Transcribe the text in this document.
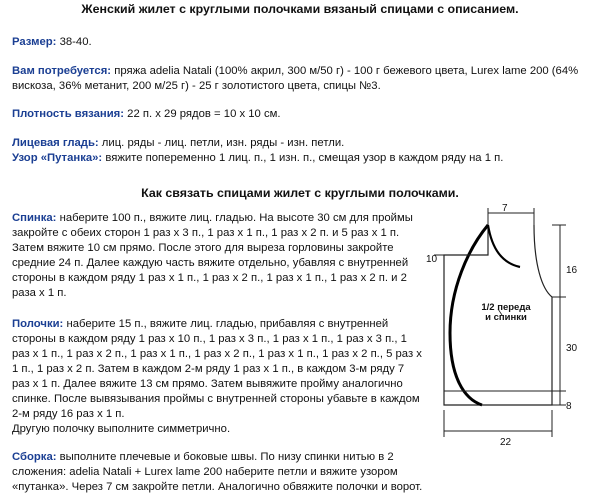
Женский жилет с круглыми полочками вязаный спицами с описанием.
Размер: 38-40.
Вам потребуется: пряжа adelia Natali (100% акрил, 300 м/50 г) - 100 г бежевого цвета, Lurex lame 200 (64% вискоза, 36% метанит, 200 м/25 г) - 25 г золотистого цвета, спицы №3.
Плотность вязания: 22 п. х 29 рядов = 10 х 10 см.
Лицевая гладь: лиц. ряды - лиц. петли, изн. ряды - изн. петли.
Узор «Путанка»: вяжите попеременно 1 лиц. п., 1 изн. п., смещая узор в каждом ряду на 1 п.
Как связать спицами жилет с круглыми полочками.
Спинка: наберите 100 п., вяжите лиц. гладью. На высоте 30 см для проймы закройте с обеих сторон 1 раз х 3 п., 1 раз х 1 п., 1 раз х 2 п. и 5 раз х 1 п. Затем вяжите 10 см прямо. После этого для выреза горловины закройте средние 24 п. Далее каждую часть вяжите отдельно, убавляя с внутренней стороны в каждом ряду 1 раз х 1 п., 1 раз х 2 п., 1 раз х 1 п., 1 раз х 2 п. и 2 раза х 1 п.
Полочки: наберите 15 п., вяжите лиц. гладью, прибавляя с внутренней стороны в каждом ряду 1 раз х 10 п., 1 раз х 3 п., 1 раз х 1 п., 1 раз х 3 п., 1 раз х 1 п., 1 раз х 2 п., 1 раз х 1 п., 1 раз х 2 п., 1 раз х 1 п., 1 раз х 2 п., 5 раз х 1 п., 1 раз х 2 п. Затем в каждом 2-м ряду 1 раз х 1 п., в каждом 3-м ряду 7 раз х 1 п. Далее вяжите 13 см прямо. Затем вывяжите пройму аналогично спинке. После вывязывания проймы с внутренней стороны убавьте в каждом 2-м ряду 16 раз х 1 п.
Другую полочку выполните симметрично.
Сборка: выполните плечевые и боковые швы. По низу спинки нитью в 2 сложения: adelia Natali + Lurex lame 200 наберите петли и вяжите узором «путанка». Через 7 см закройте петли. Аналогично обвяжите полочки и ворот.
7
10
16
30
8
22
1/2 переда и спинки
